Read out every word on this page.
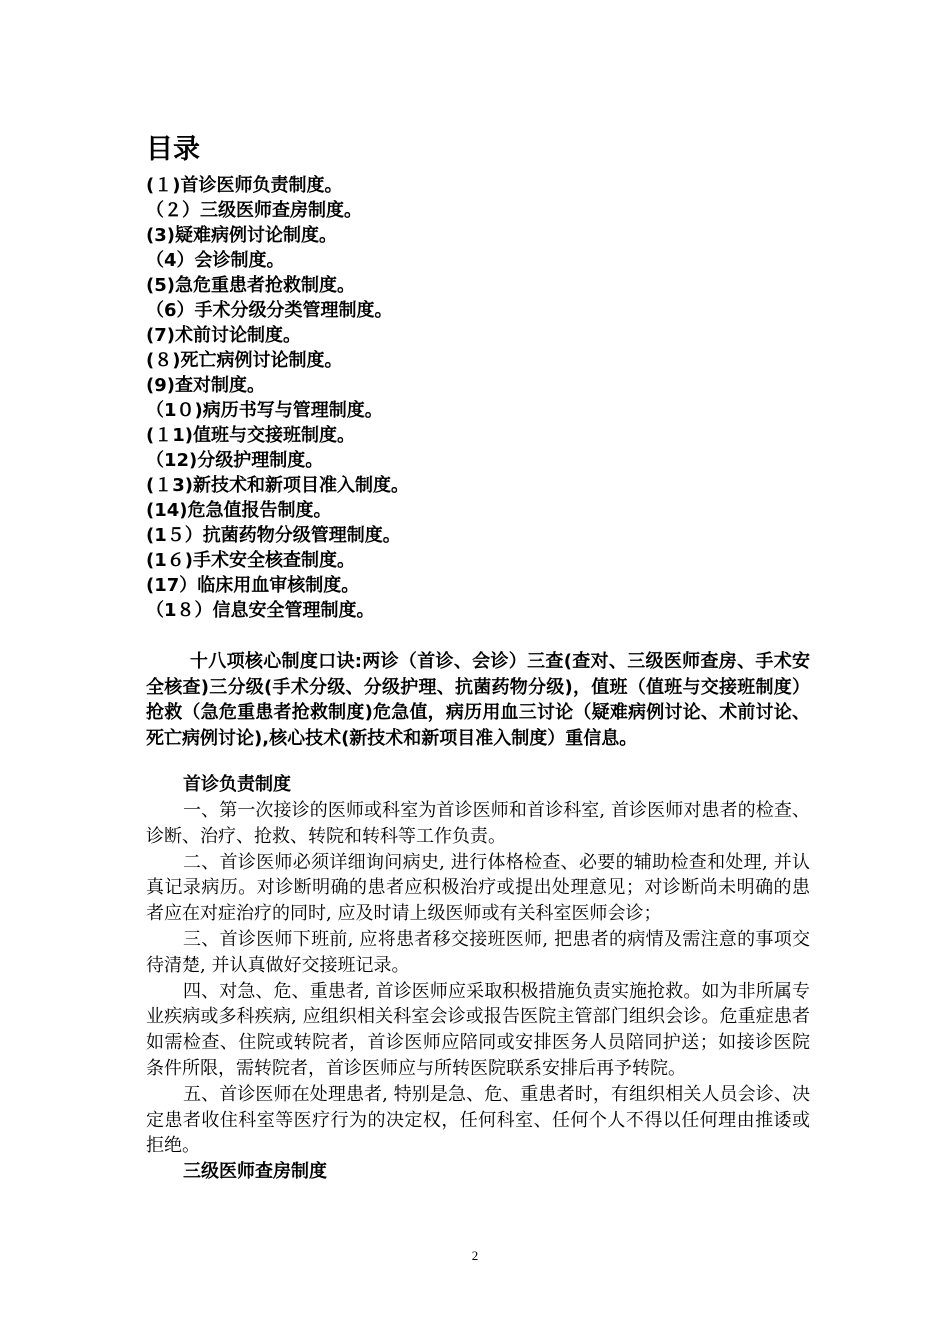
目录
(１)首诊医师负责制度。
（２）三级医师查房制度。
(3)疑难病例讨论制度。
（4）会诊制度。
(5)急危重患者抢救制度。
（6）手术分级分类管理制度。
(7)术前讨论制度。
(８)死亡病例讨论制度。
(9)查对制度。
（1０)病历书写与管理制度。
(１1)值班与交接班制度。
（12)分级护理制度。
(１3)新技术和新项目准入制度。
(14)危急值报告制度。
(1５）抗菌药物分级管理制度。
(1６)手术安全核查制度。
(17）临床用血审核制度。
（1８）信息安全管理制度。

十八项核心制度口诀:两诊（首诊、会诊）三查(查对、三级医师查房、手术安全核查)三分级(手术分级、分级护理、抗菌药物分级)，值班（值班与交接班制度）抢救（急危重患者抢救制度)危急值，病历用血三讨论（疑难病例讨论、术前讨论、死亡病例讨论),核心技术(新技术和新项目准入制度）重信息。

首诊负责制度

一、第一次接诊的医师或科室为首诊医师和首诊科室, 首诊医师对患者的检查、诊断、治疗、抢救、转院和转科等工作负责。

二、首诊医师必须详细询问病史, 进行体格检查、必要的辅助检查和处理, 并认真记录病历。对诊断明确的患者应积极治疗或提出处理意见；对诊断尚未明确的患者应在对症治疗的同时, 应及时请上级医师或有关科室医师会诊；

三、首诊医师下班前, 应将患者移交接班医师, 把患者的病情及需注意的事项交待清楚, 并认真做好交接班记录。

四、对急、危、重患者, 首诊医师应采取积极措施负责实施抢救。如为非所属专业疾病或多科疾病, 应组织相关科室会诊或报告医院主管部门组织会诊。危重症患者如需检查、住院或转院者，首诊医师应陪同或安排医务人员陪同护送；如接诊医院条件所限，需转院者，首诊医师应与所转医院联系安排后再予转院。

五、首诊医师在处理患者, 特别是急、危、重患者时，有组织相关人员会诊、决定患者收住科室等医疗行为的决定权，任何科室、任何个人不得以任何理由推诿或拒绝。

三级医师查房制度

2
